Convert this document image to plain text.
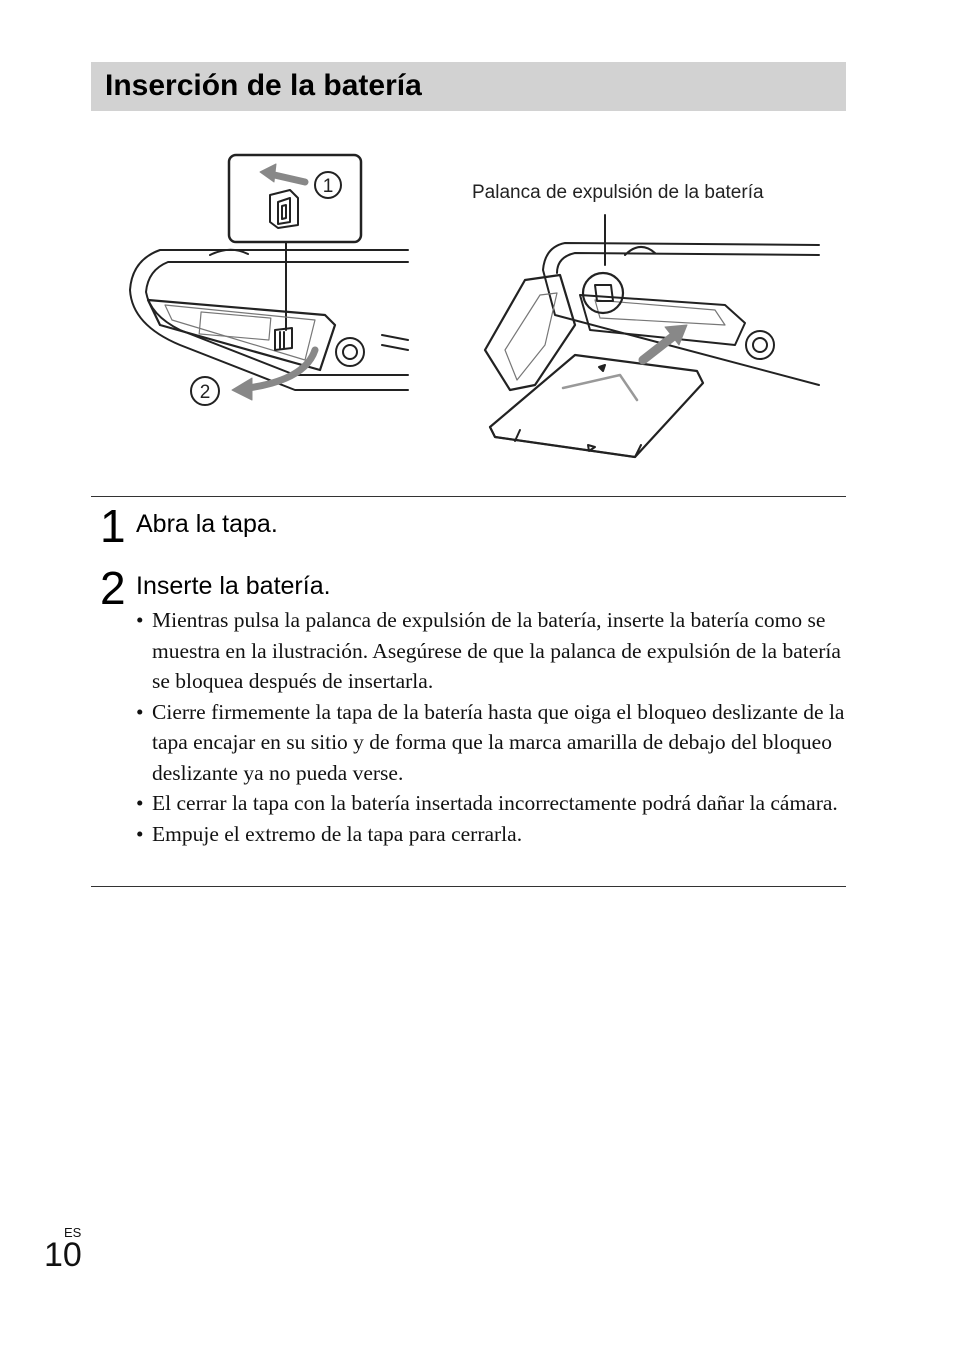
Inserción de la batería
1
2
Palanca de expulsión de la batería
1 Abra la tapa.
2 Inserte la batería.
• Mientras pulsa la palanca de expulsión de la batería, inserte la batería como se muestra en la ilustración. Asegúrese de que la palanca de expulsión de la batería se bloquea después de insertarla.
• Cierre firmemente la tapa de la batería hasta que oiga el bloqueo deslizante de la tapa encajar en su sitio y de forma que la marca amarilla de debajo del bloqueo deslizante ya no pueda verse.
• El cerrar la tapa con la batería insertada incorrectamente podrá dañar la cámara.
• Empuje el extremo de la tapa para cerrarla.
ES
10
